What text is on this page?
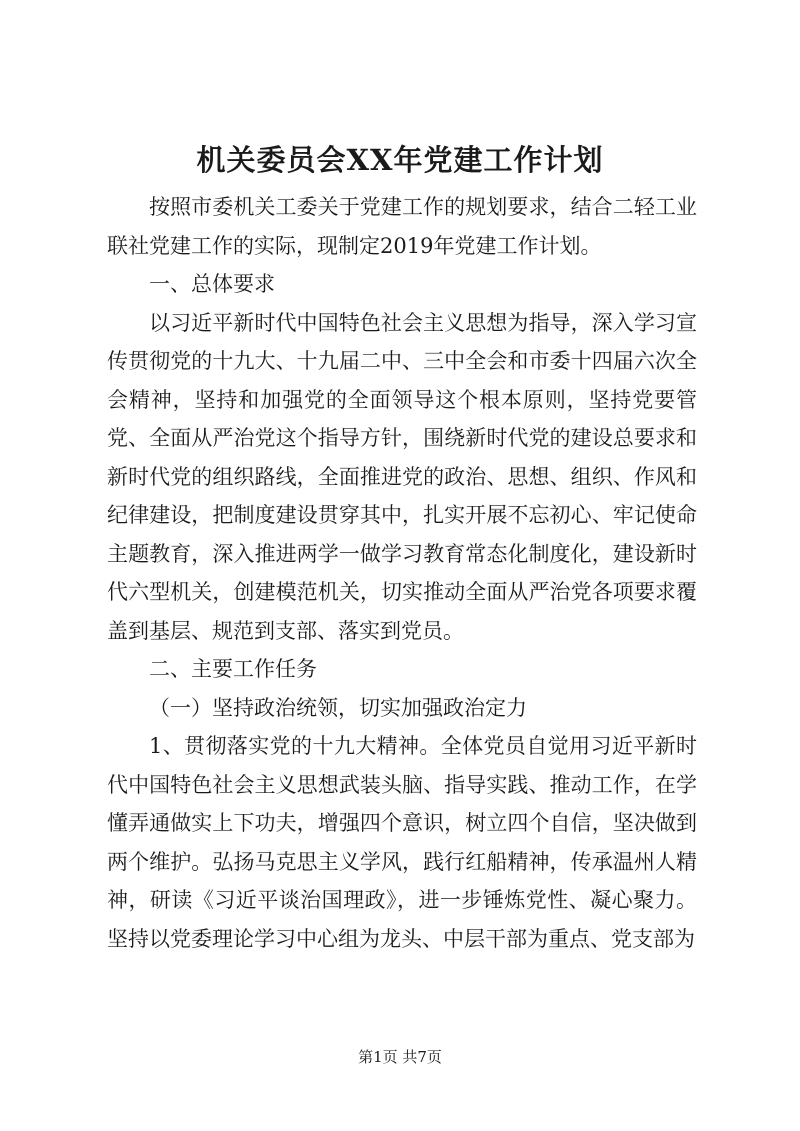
机关委员会XX年党建工作计划

按照市委机关工委关于党建工作的规划要求，结合二轻工业联社党建工作的实际，现制定2019年党建工作计划。

一、总体要求

以习近平新时代中国特色社会主义思想为指导，深入学习宣传贯彻党的十九大、十九届二中、三中全会和市委十四届六次全会精神，坚持和加强党的全面领导这个根本原则，坚持党要管党、全面从严治党这个指导方针，围绕新时代党的建设总要求和新时代党的组织路线，全面推进党的政治、思想、组织、作风和纪律建设，把制度建设贯穿其中，扎实开展不忘初心、牢记使命主题教育，深入推进两学一做学习教育常态化制度化，建设新时代六型机关，创建模范机关，切实推动全面从严治党各项要求覆盖到基层、规范到支部、落实到党员。

二、主要工作任务

（一）坚持政治统领，切实加强政治定力

1、贯彻落实党的十九大精神。全体党员自觉用习近平新时代中国特色社会主义思想武装头脑、指导实践、推动工作，在学懂弄通做实上下功夫，增强四个意识，树立四个自信，坚决做到两个维护。弘扬马克思主义学风，践行红船精神，传承温州人精神，研读《习近平谈治国理政》，进一步锤炼党性、凝心聚力。坚持以党委理论学习中心组为龙头、中层干部为重点、党支部为

第1页 共7页
